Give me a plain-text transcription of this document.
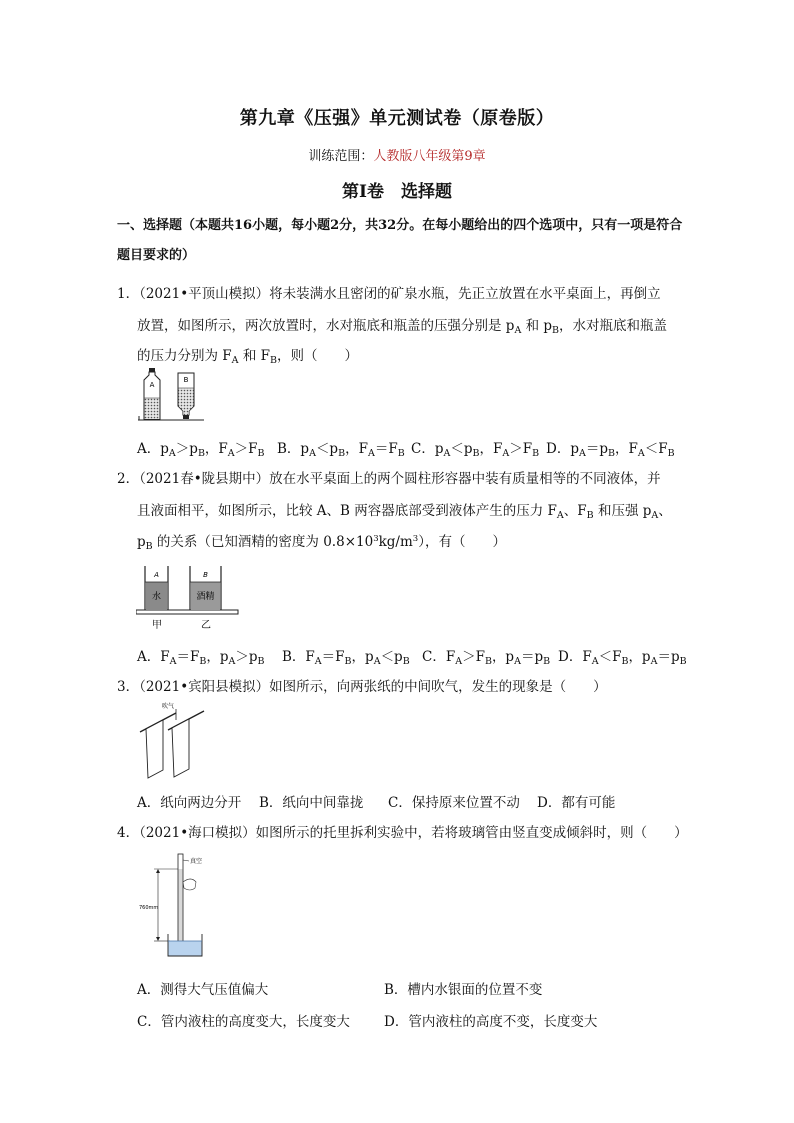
第九章《压强》单元测试卷（原卷版）
训练范围：人教版八年级第9章
第Ⅰ卷　选择题
一、选择题（本题共16小题，每小题2分，共32分。在每小题给出的四个选项中，只有一项是符合题目要求的）
1．（2021•平顶山模拟）将未装满水且密闭的矿泉水瓶，先正立放置在水平桌面上，再倒立
放置，如图所示，两次放置时，水对瓶底和瓶盖的压强分别是 $p_A$ 和 $p_B$，水对瓶底和瓶盖
的压力分别为 $F_A$ 和 $F_B$，则（　　）
A
B
A．$p_A>p_B$，$F_A>F_B$ B．$p_A<p_B$，$F_A=F_B$ C．$p_A<p_B$，$F_A>F_B$ D．$p_A=p_B$，$F_A<F_B$
2．（2021春•陇县期中）放在水平桌面上的两个圆柱形容器中装有质量相等的不同液体，并
且液面相平，如图所示，比较 A、B 两容器底部受到液体产生的压力 $F_A$、$F_B$ 和压强 $p_A$、
$p_B$ 的关系（已知酒精的密度为 $0.8\times 10^3kg/m^3$），有（　　）
A
水
B
酒精
甲	乙
A．$F_A=F_B$，$p_A>p_B$ B．$F_A=F_B$，$p_A<p_B$ C．$F_A>F_B$，$p_A=p_B$ D．$F_A<F_B$，$p_A=p_B$
3．（2021•宾阳县模拟）如图所示，向两张纸的中间吹气，发生的现象是（　　）
吹气
A．纸向两边分开 B．纸向中间靠拢 C．保持原来位置不动 D．都有可能
4．（2021•海口模拟）如图所示的托里拆利实验中，若将玻璃管由竖直变成倾斜时，则（　　）
真空
760mm
A．测得大气压值偏大	B．槽内水银面的位置不变
C．管内液柱的高度变大，长度变大	D．管内液柱的高度不变，长度变大
